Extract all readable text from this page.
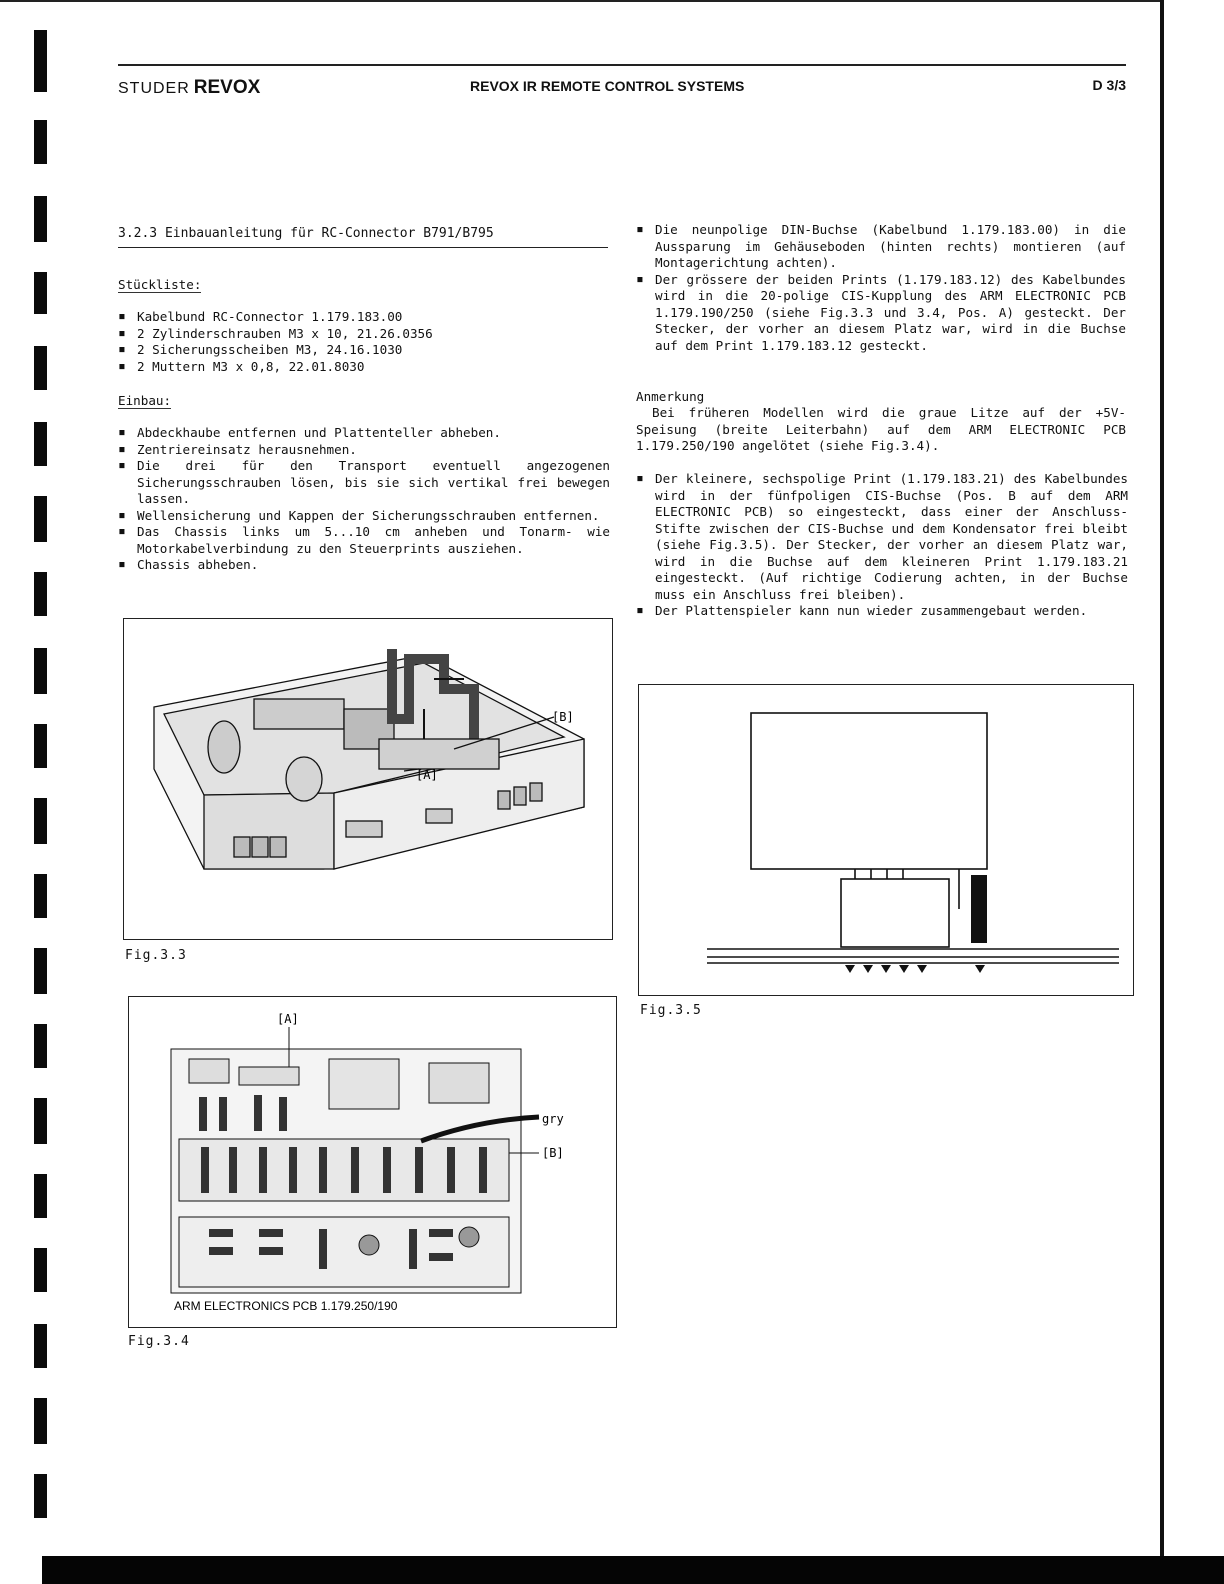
STUDER REVOX	REVOX IR REMOTE CONTROL SYSTEMS	D 3/3
3.2.3 Einbauanleitung für RC-Connector B791/B795
Stückliste:
▪ Kabelbund RC-Connector 1.179.183.00
▪ 2 Zylinderschrauben M3 x 10, 21.26.0356
▪ 2 Sicherungsscheiben M3, 24.16.1030
▪ 2 Muttern M3 x 0,8, 22.01.8030
Einbau:
▪ Abdeckhaube entfernen und Plattenteller abheben.
▪ Zentriereinsatz herausnehmen.
▪ Die drei für den Transport eventuell angezogenen Sicherungsschrauben lösen, bis sie sich vertikal frei bewegen lassen.
▪ Wellensicherung und Kappen der Sicherungsschrauben entfernen.
▪ Das Chassis links um 5...10 cm anheben und Tonarm- wie Motorkabelverbindung zu den Steuerprints ausziehen.
▪ Chassis abheben.
[B]
[A]
Fig.3.3
[A]
gry
[B]
ARM ELECTRONICS PCB 1.179.250/190
Fig.3.4
▪ Die neunpolige DIN-Buchse (Kabelbund 1.179.183.00) in die Aussparung im Gehäuseboden (hinten rechts) montieren (auf Montagerichtung achten).
▪ Der grössere der beiden Prints (1.179.183.12) des Kabelbundes wird in die 20-polige CIS-Kupplung des ARM ELECTRONIC PCB 1.179.190/250 (siehe Fig.3.3 und 3.4, Pos. A) gesteckt. Der Stecker, der vorher an diesem Platz war, wird in die Buchse auf dem Print 1.179.183.12 gesteckt.
Anmerkung
Bei früheren Modellen wird die graue Litze auf der +5V-Speisung (breite Leiterbahn) auf dem ARM ELECTRONIC PCB 1.179.250/190 angelötet (siehe Fig.3.4).
▪ Der kleinere, sechspolige Print (1.179.183.21) des Kabelbundes wird in der fünfpoligen CIS-Buchse (Pos. B auf dem ARM ELECTRONIC PCB) so eingesteckt, dass einer der Anschluss-Stifte zwischen der CIS-Buchse und dem Kondensator frei bleibt (siehe Fig.3.5). Der Stecker, der vorher an diesem Platz war, wird in die Buchse auf dem kleineren Print 1.179.183.21 eingesteckt. (Auf richtige Codierung achten, in der Buchse muss ein Anschluss frei bleiben).
▪ Der Plattenspieler kann nun wieder zusammengebaut werden.
Fig.3.5
